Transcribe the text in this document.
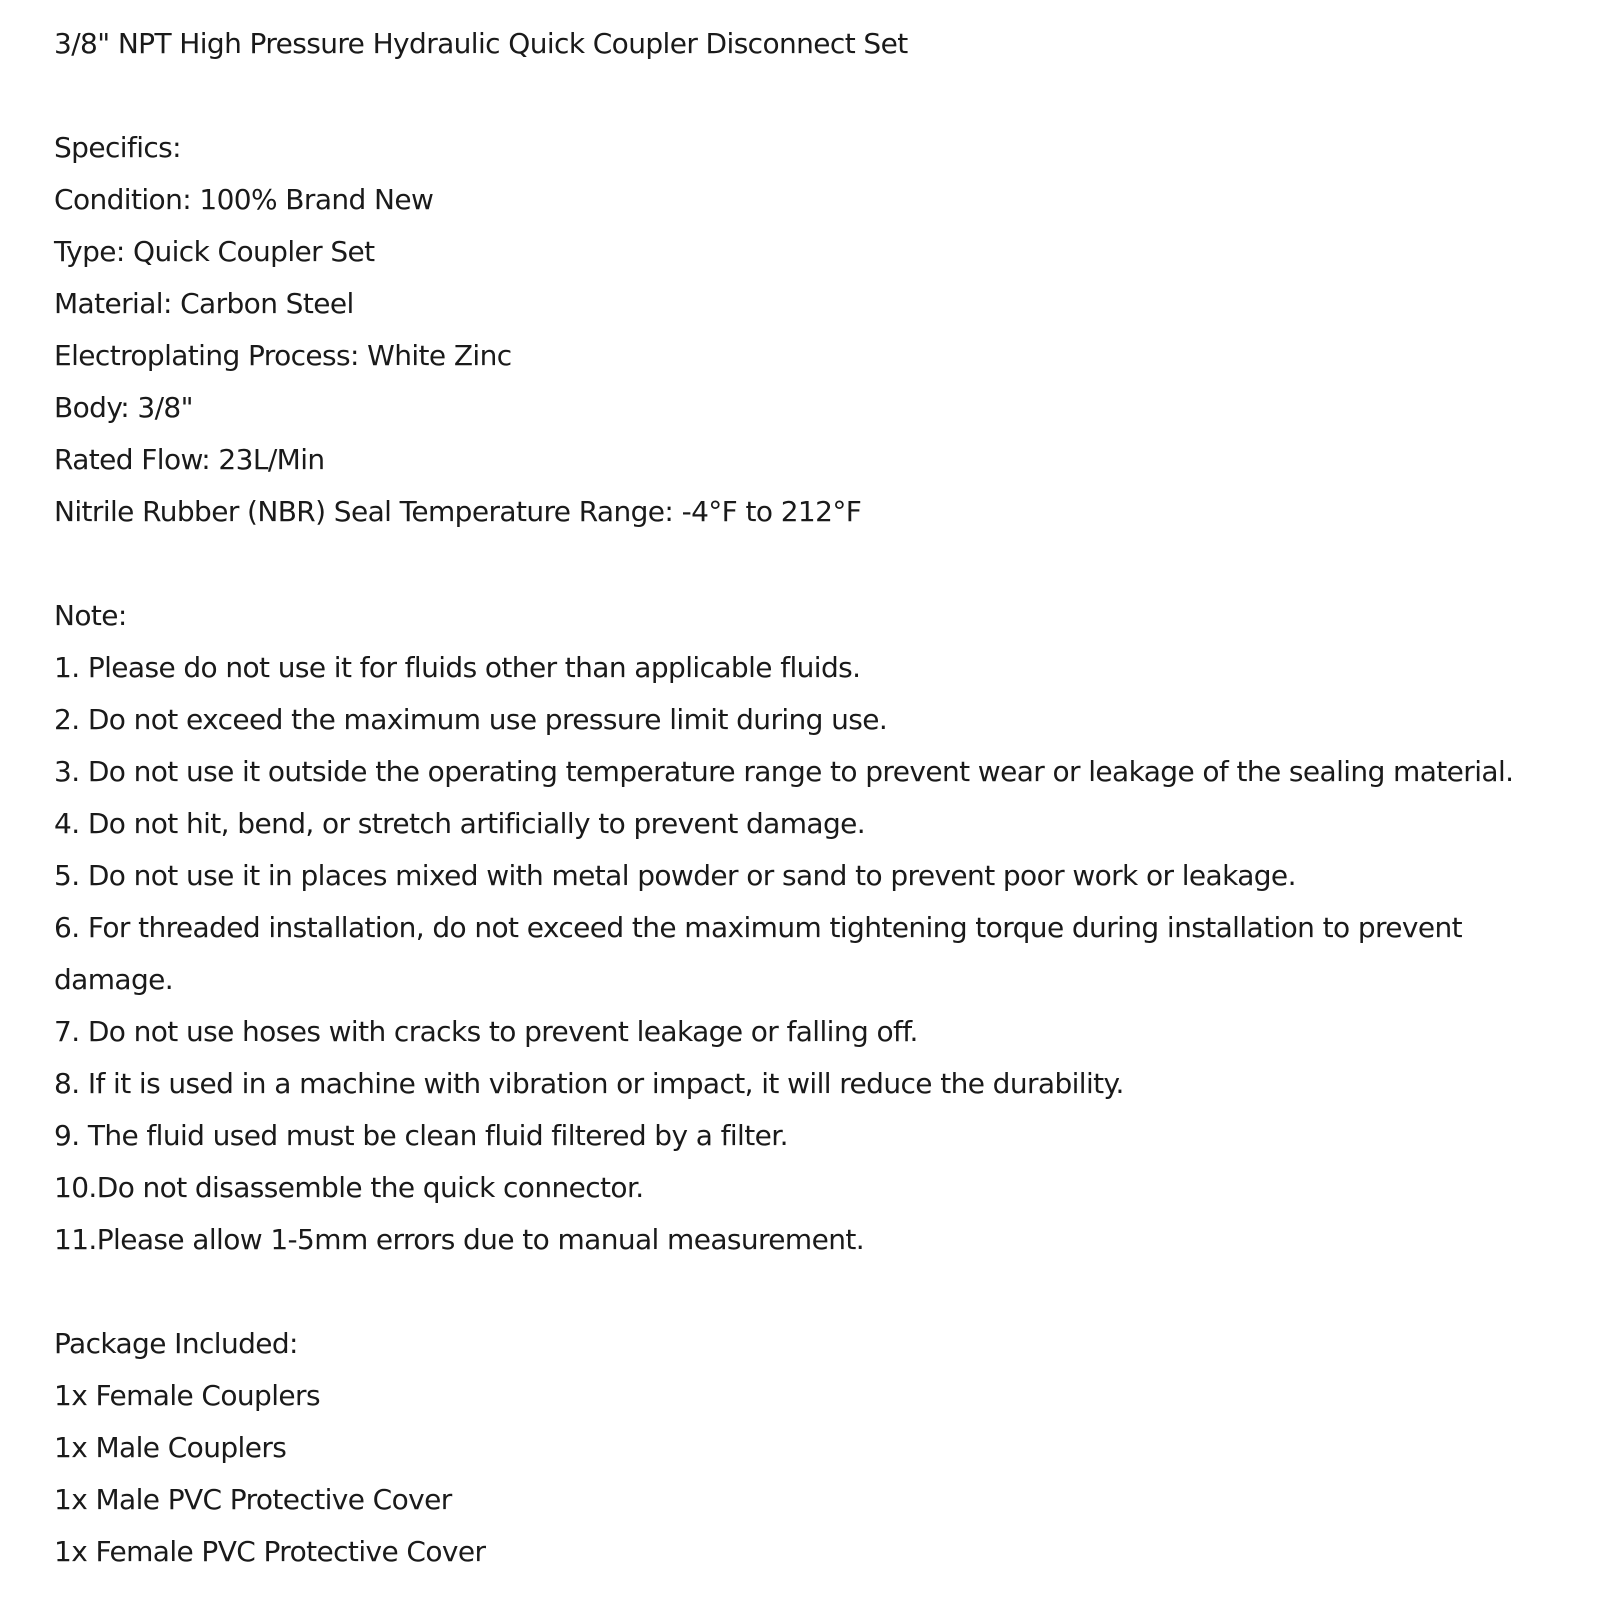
3/8" NPT High Pressure Hydraulic Quick Coupler Disconnect Set

Specifics:

Condition: 100% Brand New
Type: Quick Coupler Set
Material: Carbon Steel
Electroplating Process: White Zinc
Body: 3/8"
Rated Flow: 23L/Min
Nitrile Rubber (NBR) Seal Temperature Range: -4°F to 212°F

Note:

1. Please do not use it for fluids other than applicable fluids.
2. Do not exceed the maximum use pressure limit during use.
3. Do not use it outside the operating temperature range to prevent wear or leakage of the sealing material.
4. Do not hit, bend, or stretch artificially to prevent damage.
5. Do not use it in places mixed with metal powder or sand to prevent poor work or leakage.
6. For threaded installation, do not exceed the maximum tightening torque during installation to prevent damage.
7. Do not use hoses with cracks to prevent leakage or falling off.
8. If it is used in a machine with vibration or impact, it will reduce the durability.
9. The fluid used must be clean fluid filtered by a filter.
10.Do not disassemble the quick connector.
11.Please allow 1-5mm errors due to manual measurement.

Package Included:

1x Female Couplers
1x Male Couplers
1x Male PVC Protective Cover
1x Female PVC Protective Cover
